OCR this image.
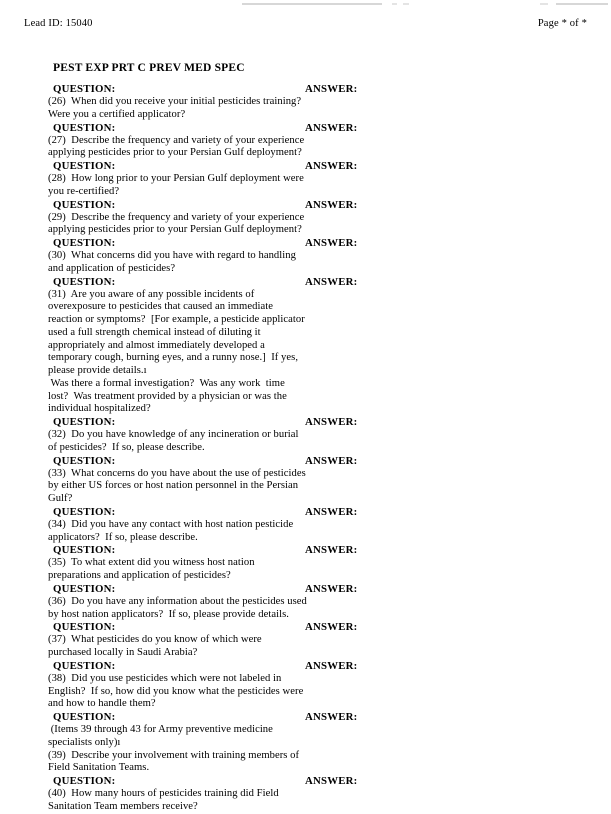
Lead ID: 15040	Page * of *
PEST EXP PRT C PREV MED SPEC
QUESTION:	ANSWER:
(26)  When did you receive your initial pesticides training?
Were you a certified applicator?
QUESTION:	ANSWER:
(27)  Describe the frequency and variety of your experience
applying pesticides prior to your Persian Gulf deployment?
QUESTION:	ANSWER:
(28)  How long prior to your Persian Gulf deployment were
you re-certified?
QUESTION:	ANSWER:
(29)  Describe the frequency and variety of your experience
applying pesticides prior to your Persian Gulf deployment?
QUESTION:	ANSWER:
(30)  What concerns did you have with regard to handling
and application of pesticides?
QUESTION:	ANSWER:
(31)  Are you aware of any possible incidents of
overexposure to pesticides that caused an immediate
reaction or symptoms?  [For example, a pesticide applicator
used a full strength chemical instead of diluting it
appropriately and almost immediately developed a
temporary cough, burning eyes, and a runny nose.]  If yes,
please provide details.ı
Was there a formal investigation?  Was any work  time
lost?  Was treatment provided by a physician or was the
individual hospitalized?
QUESTION:	ANSWER:
(32)  Do you have knowledge of any incineration or burial
of pesticides?  If so, please describe.
QUESTION:	ANSWER:
(33)  What concerns do you have about the use of pesticides
by either US forces or host nation personnel in the Persian
Gulf?
QUESTION:	ANSWER:
(34)  Did you have any contact with host nation pesticide
applicators?  If so, please describe.
QUESTION:	ANSWER:
(35)  To what extent did you witness host nation
preparations and application of pesticides?
QUESTION:	ANSWER:
(36)  Do you have any information about the pesticides used
by host nation applicators?  If so, please provide details.
QUESTION:	ANSWER:
(37)  What pesticides do you know of which were
purchased locally in Saudi Arabia?
QUESTION:	ANSWER:
(38)  Did you use pesticides which were not labeled in
English?  If so, how did you know what the pesticides were
and how to handle them?
QUESTION:	ANSWER:
(Items 39 through 43 for Army preventive medicine
specialists only)ı
(39)  Describe your involvement with training members of
Field Sanitation Teams.
QUESTION:	ANSWER:
(40)  How many hours of pesticides training did Field
Sanitation Team members receive?
